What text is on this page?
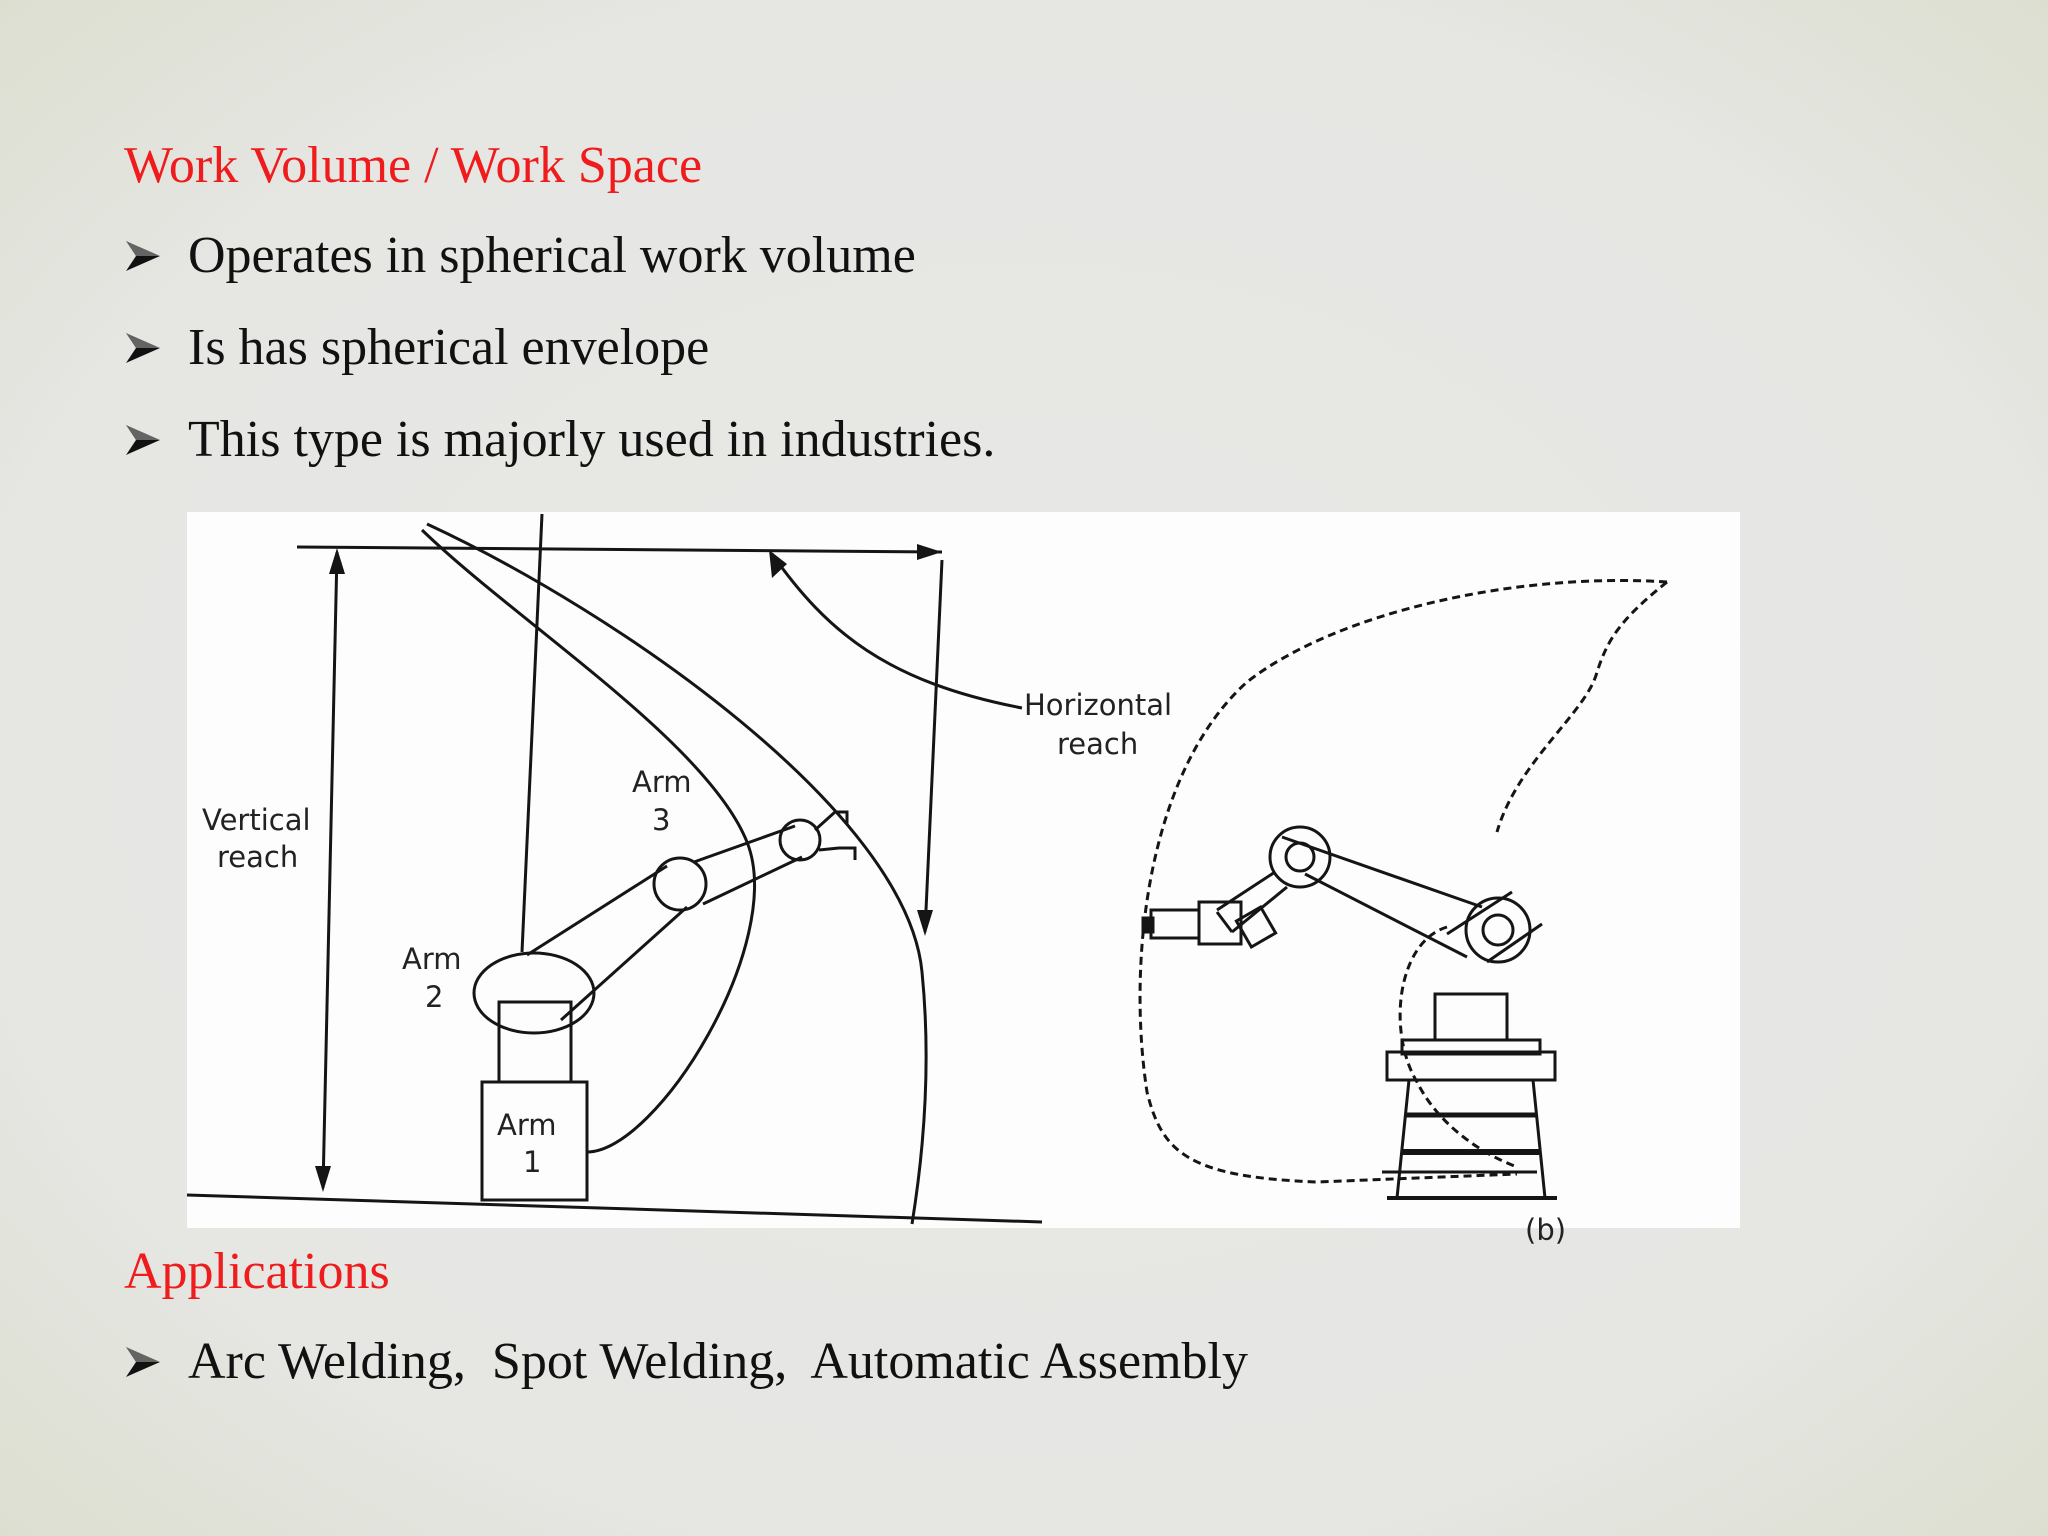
Work Volume / Work Space
Operates in spherical work volume
Is has spherical envelope
This type is majorly used in industries.
Vertical
reach
Horizontal
reach
Arm
3
Arm
2
Arm
1
(b)
Applications
Arc Welding,  Spot Welding,  Automatic Assembly
